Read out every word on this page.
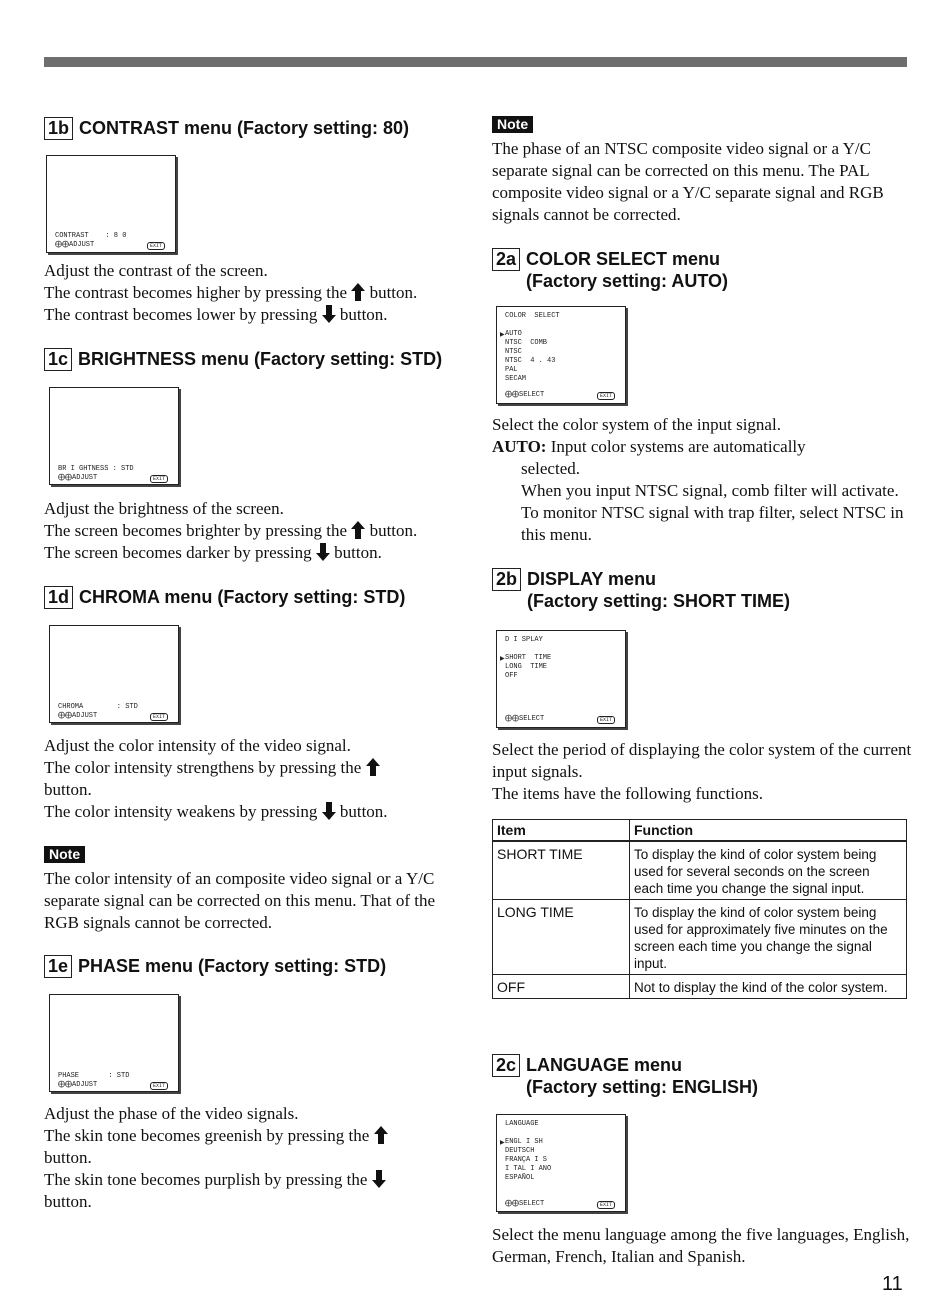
1b CONTRAST menu (Factory setting: 80)
CONTRAST    : 8 0
⨁⨁ADJUST	EXIT

Adjust the contrast of the screen.

The contrast becomes higher by pressing the button.

The contrast becomes lower by pressing button.

1c BRIGHTNESS menu (Factory setting: STD)
BR I GHTNESS : STD
⨁⨁ADJUST	EXIT

Adjust the brightness of the screen.

The screen becomes brighter by pressing the button.

The screen becomes darker by pressing button.

1d CHROMA menu (Factory setting: STD)
CHROMA        : STD
⨁⨁ADJUST	EXIT

Adjust the color intensity of the video signal.

The color intensity strengthens by pressing the

button.

The color intensity weakens by pressing button.

Note
The color intensity of an composite video signal or a Y/C separate signal can be corrected on this menu. That of the RGB signals cannot be corrected.
1e PHASE menu (Factory setting: STD)
PHASE       : STD
⨁⨁ADJUST	EXIT

Adjust the phase of the video signals.

The skin tone becomes greenish by pressing the

button.

The skin tone becomes purplish by pressing the

button.

Note
The phase of an NTSC composite video signal or a Y/C separate signal can be corrected on this menu. The PAL composite video signal or a Y/C separate signal and RGB signals cannot be corrected.
2a COLOR SELECT menu
(Factory setting: AUTO)
COLOR  SELECT
▶ AUTO
NTSC  COMB
NTSC
NTSC  4 . 43
PAL
SECAM
⨁⨁SELECT	EXIT

Select the color system of the input signal.

AUTO: Input color systems are automatically

selected.

When you input NTSC signal, comb filter will activate. To monitor NTSC signal with trap filter, select NTSC in this menu.

2b DISPLAY menu
(Factory setting: SHORT TIME)
D I SPLAY
▶ SHORT  TIME
LONG  TIME
OFF
⨁⨁SELECT	EXIT

Select the period of displaying the color system of the current input signals.

The items have the following functions.

Item	Function
SHORT TIME	To display the kind of color system being used for several seconds on the screen each time you change the signal input.
LONG TIME	To display the kind of color system being used for approximately five minutes on the screen each time you change the signal input.
OFF	Not to display the kind of the color system.
2c LANGUAGE menu
(Factory setting: ENGLISH)
LANGUAGE
▶ ENGL I SH
DEUTSCH
FRANÇA I S
I TAL I ANO
ESPAÑOL
⨁⨁SELECT	EXIT
Select the menu language among the five languages, English, German, French, Italian and Spanish.
11
